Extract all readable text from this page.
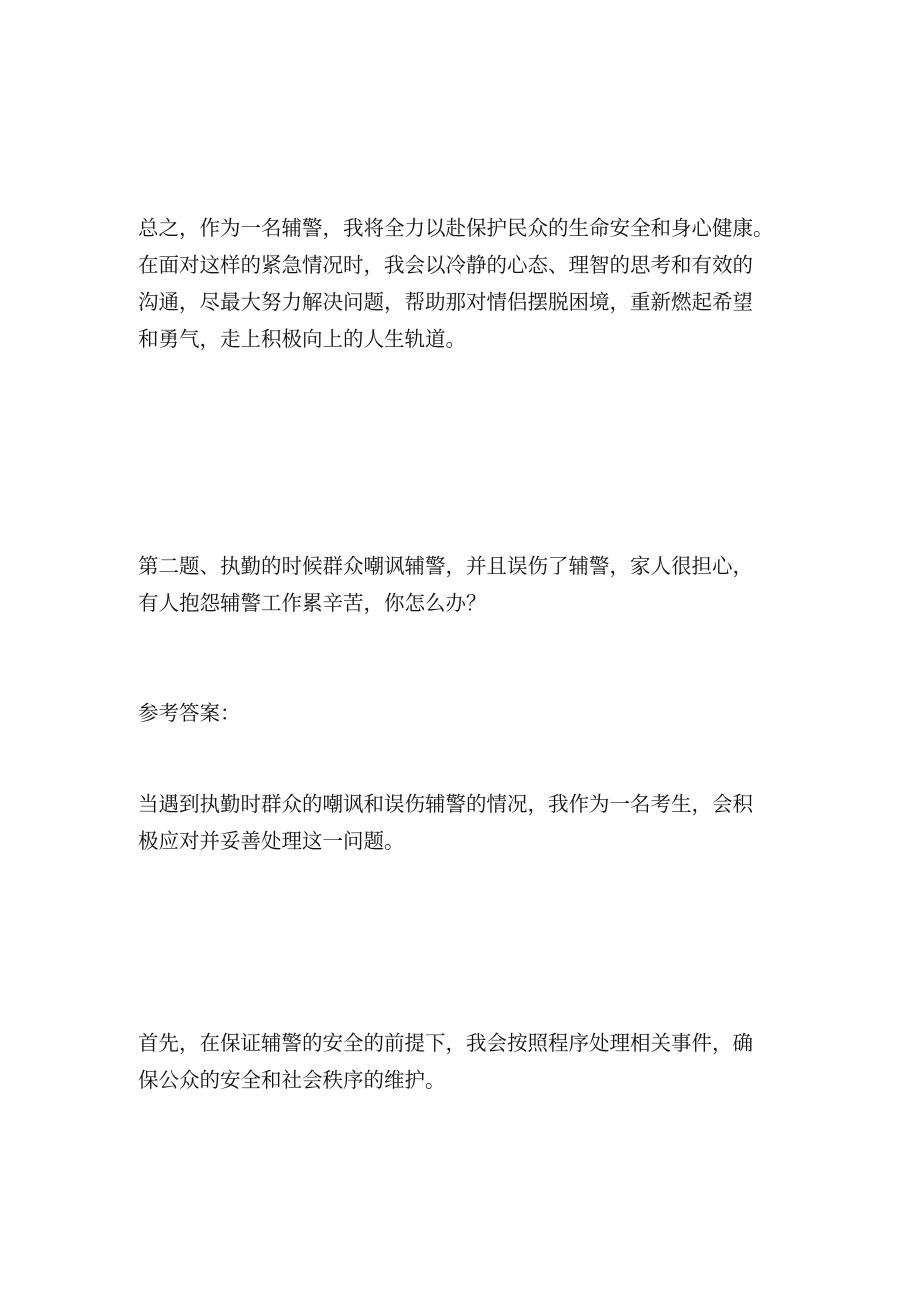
总之，作为一名辅警，我将全力以赴保护民众的生命安全和身心健康。
在面对这样的紧急情况时，我会以冷静的心态、理智的思考和有效的
沟通，尽最大努力解决问题，帮助那对情侣摆脱困境，重新燃起希望
和勇气，走上积极向上的人生轨道。

第二题、执勤的时候群众嘲讽辅警，并且误伤了辅警，家人很担心，
有人抱怨辅警工作累辛苦，你怎么办？

参考答案：

当遇到执勤时群众的嘲讽和误伤辅警的情况，我作为一名考生，会积
极应对并妥善处理这一问题。

首先，在保证辅警的安全的前提下，我会按照程序处理相关事件，确
保公众的安全和社会秩序的维护。
